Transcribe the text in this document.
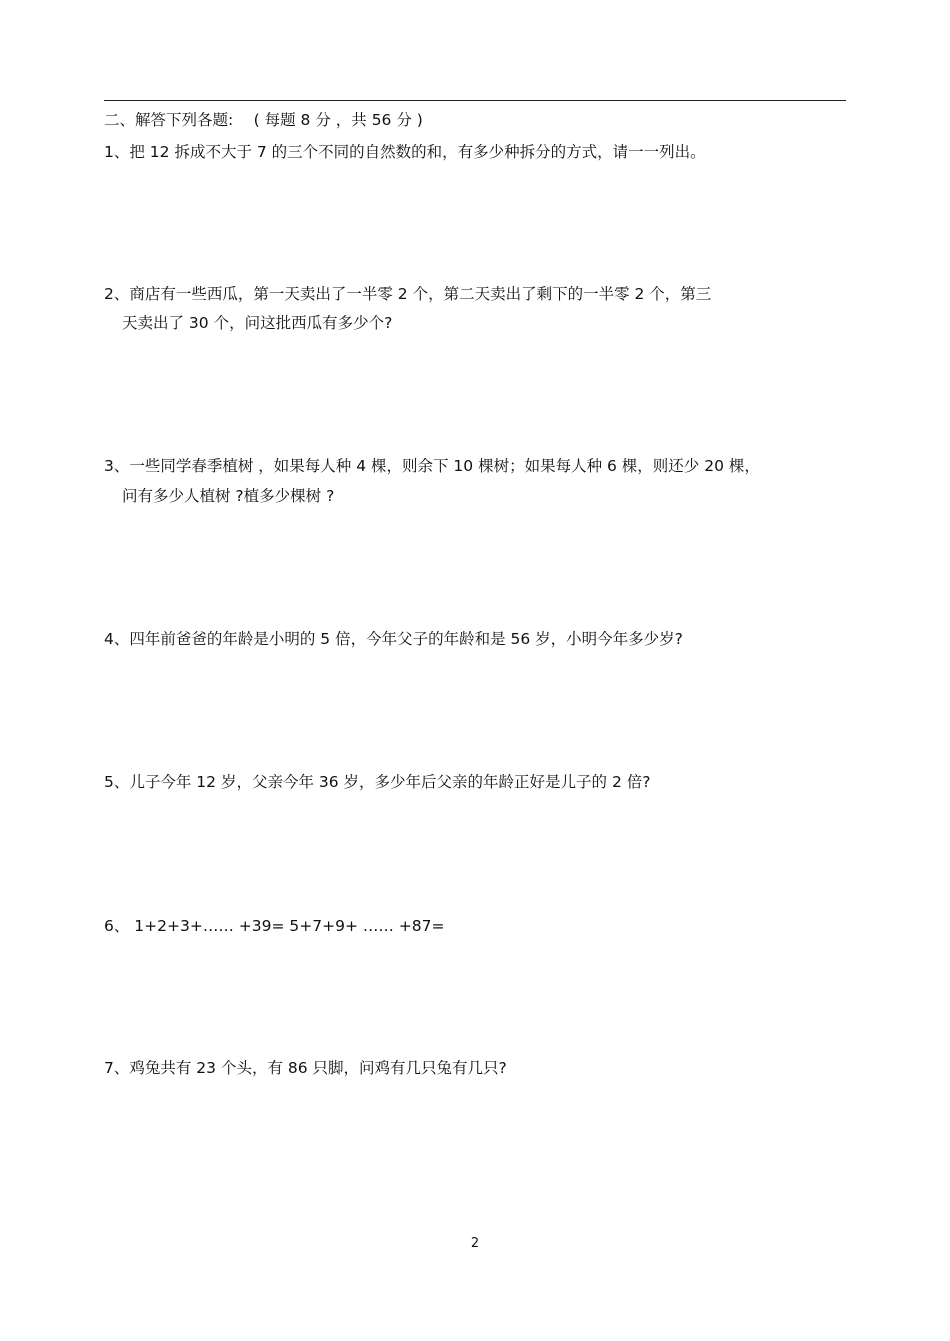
二、解答下列各题:　 ( 每题 8 分 ，共 56 分 )
1、把 12 拆成不大于 7 的三个不同的自然数的和，有多少种拆分的方式，请一一列出。
2、商店有一些西瓜，第一天卖出了一半零 2 个，第二天卖出了剩下的一半零 2 个，第三
天卖出了 30 个，问这批西瓜有多少个?
3、一些同学春季植树 ，如果每人种 4 棵，则余下 10 棵树；如果每人种 6 棵，则还少 20 棵，
问有多少人植树 ?植多少棵树 ?
4、四年前爸爸的年龄是小明的 5 倍，今年父子的年龄和是 56 岁，小明今年多少岁?
5、儿子今年 12 岁，父亲今年 36 岁，多少年后父亲的年龄正好是儿子的 2 倍?
6、 1+2+3+…… +39= 5+7+9+ …… +87=
7、鸡兔共有 23 个头，有 86 只脚，问鸡有几只兔有几只?
2
